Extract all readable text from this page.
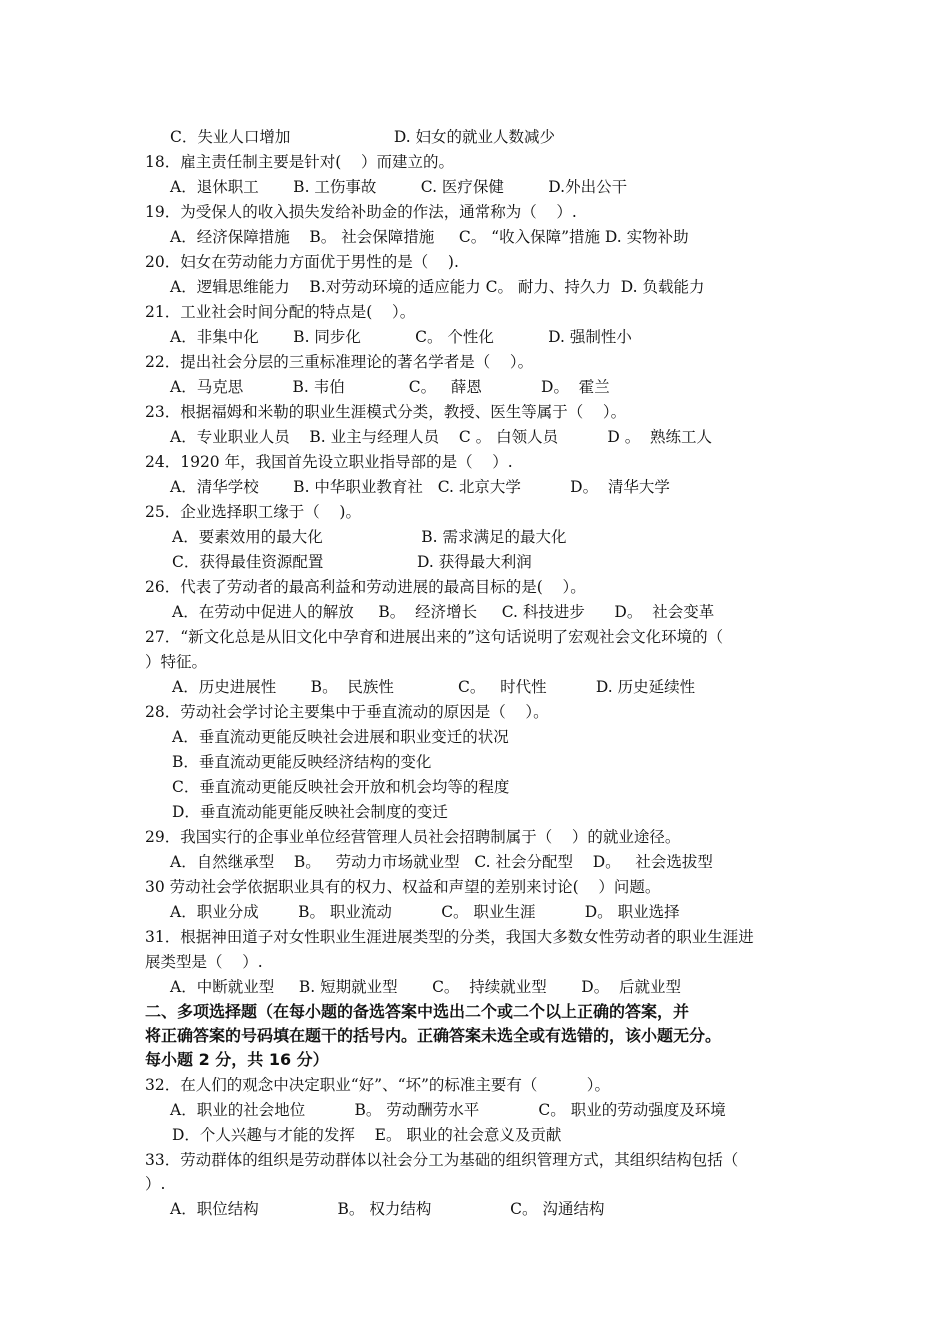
C．失业人口增加                     D. 妇女的就业人数减少
18．雇主责任制主要是针对(    ）而建立的。
A．退休职工       B. 工伤事故         C. 医疗保健         D.外出公干
19．为受保人的收入损失发给补助金的作法，通常称为（    ）.
A．经济保障措施    B。 社会保障措施     C。 “收入保障”措施 D. 实物补助
20．妇女在劳动能力方面优于男性的是（    ).
A．逻辑思维能力    B.对劳动环境的适应能力 C。 耐力、持久力  D. 负载能力
21．工业社会时间分配的特点是(    ）。
A．非集中化       B. 同步化           C。 个性化           D. 强制性小
22．提出社会分层的三重标准理论的著名学者是（    ）。
A．马克思          B. 韦伯             C。   薛恩            D。  霍兰
23．根据福姆和米勒的职业生涯模式分类，教授、医生等属于（    ）。
A．专业职业人员    B. 业主与经理人员    C 。 白领人员          D 。  熟练工人
24．1920 年，我国首先设立职业指导部的是（    ）.
A．清华学校       B. 中华职业教育社   C. 北京大学          D。  清华大学
25．企业选择职工缘于（    )。
A．要素效用的最大化                    B. 需求满足的最大化
C．获得最佳资源配置                   D. 获得最大利润
26．代表了劳动者的最高利益和劳动进展的最高目标的是(    ）。
A．在劳动中促进人的解放     B。  经济增长     C. 科技进步      D。  社会变革
27．“新文化总是从旧文化中孕育和进展出来的”这句话说明了宏观社会文化环境的（
）特征。
A．历史进展性       B。  民族性             C。   时代性          D. 历史延续性
28．劳动社会学讨论主要集中于垂直流动的原因是（    ）。
A．垂直流动更能反映社会进展和职业变迁的状况
B．垂直流动更能反映经济结构的变化
C．垂直流动更能反映社会开放和机会均等的程度
D．垂直流动能更能反映社会制度的变迁
29．我国实行的企事业单位经营管理人员社会招聘制属于（    ）的就业途径。
A．自然继承型    B。   劳动力市场就业型   C. 社会分配型    D。   社会选拔型
30 劳动社会学依据职业具有的权力、权益和声望的差别来讨论(    ）问题。
A．职业分成        B。 职业流动          C。 职业生涯          D。 职业选择
31．根据神田道子对女性职业生涯进展类型的分类，我国大多数女性劳动者的职业生涯进
展类型是（    ）.
A．中断就业型     B. 短期就业型       C。  持续就业型       D。  后就业型
二、多项选择题（在每小题的备选答案中选出二个或二个以上正确的答案，并
将正确答案的号码填在题干的括号内。正确答案未选全或有选错的，该小题无分。
每小题 2 分，共 16 分）
32．在人们的观念中决定职业“好”、“坏”的标准主要有（          ）。
A．职业的社会地位          B。 劳动酬劳水平            C。 职业的劳动强度及环境
D．个人兴趣与才能的发挥    E。 职业的社会意义及贡献
33．劳动群体的组织是劳动群体以社会分工为基础的组织管理方式，其组织结构包括（
）.
A．职位结构                B。 权力结构                C。 沟通结构
